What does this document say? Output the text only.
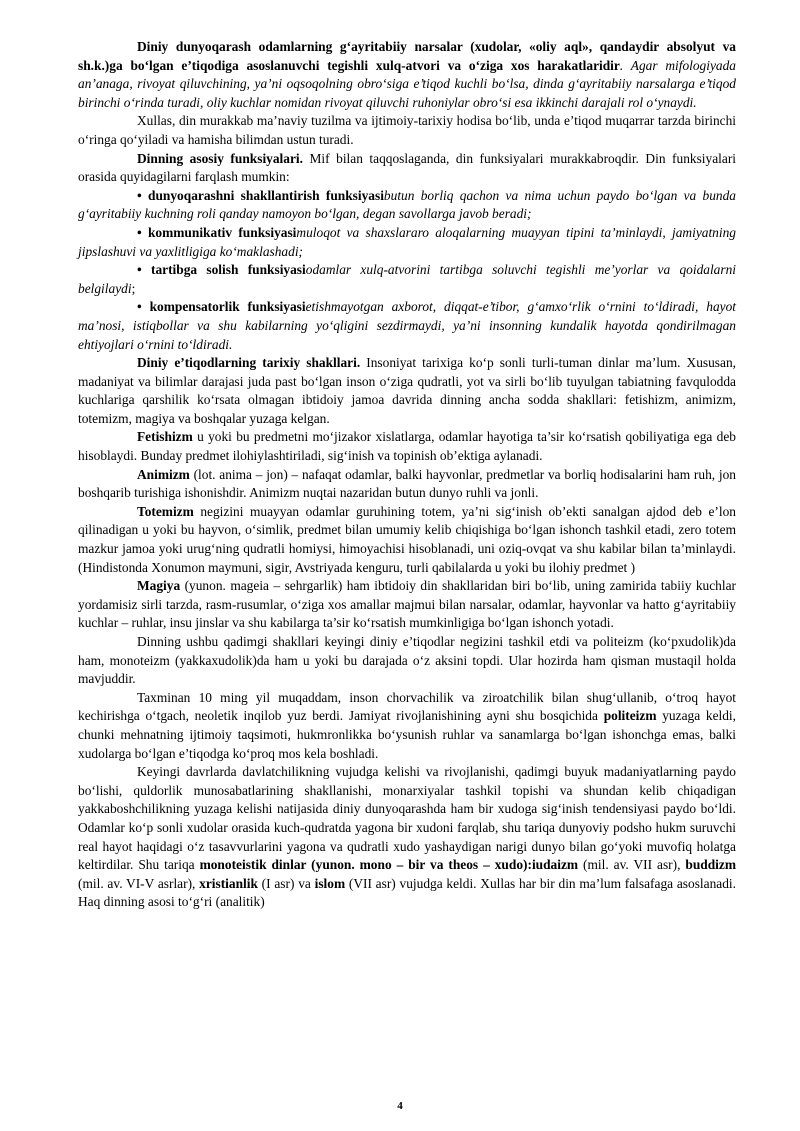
Diniy dunyoqarash odamlarning g‘ayritabiiy narsalar (xudolar, «oliy aql», qandaydir absolyut va sh.k.)ga bo‘lgan e’tiqodiga asoslanuvchi tegishli xulq-atvori va o‘ziga xos harakatlaridir. Agar mifologiyada an’anaga, rivoyat qiluvchining, ya’ni oqsoqolning obro‘siga e’tiqod kuchli bo‘lsa, dinda g‘ayritabiiy narsalarga e’tiqod birinchi o‘rinda turadi, oliy kuchlar nomidan rivoyat qiluvchi ruhoniylar obro‘si esa ikkinchi darajali rol o‘ynaydi.

Xullas, din murakkab ma’naviy tuzilma va ijtimoiy-tarixiy hodisa bo‘lib, unda e’tiqod muqarrar tarzda birinchi o‘ringa qo‘yiladi va hamisha bilimdan ustun turadi.

Dinning asosiy funksiyalari. Mif bilan taqqoslaganda, din funksiyalari murakkabroqdir. Din funksiyalari orasida quyidagilarni farqlash mumkin:

• dunyoqarashni shakllantirish funksiyasibutun borliq qachon va nima uchun paydo bo‘lgan va bunda g‘ayritabiiy kuchning roli qanday namoyon bo‘lgan, degan savollarga javob beradi;

• kommunikativ funksiyasimuloqot va shaxslararo aloqalarning muayyan tipini ta’minlaydi, jamiyatning jipslashuvi va yaxlitligiga ko‘maklashadi;

• tartibga solish funksiyasiodamlar xulq-atvorini tartibga soluvchi tegishli me’yorlar va qoidalarni belgilaydi;

• kompensatorlik funksiyasietishmayotgan axborot, diqqat-e’tibor, g‘amxo‘rlik o‘rnini to‘ldiradi, hayot ma’nosi, istiqbollar va shu kabilarning yo‘qligini sezdirmaydi, ya’ni insonning kundalik hayotda qondirilmagan ehtiyojlari o‘rnini to‘ldiradi.

Diniy e’tiqodlarning tarixiy shakllari. Insoniyat tarixiga ko‘p sonli turli-tuman dinlar ma’lum. Xususan, madaniyat va bilimlar darajasi juda past bo‘lgan inson o‘ziga qudratli, yot va sirli bo‘lib tuyulgan tabiatning favqulodda kuchlariga qarshilik ko‘rsata olmagan ibtidoiy jamoa davrida dinning ancha sodda shakllari: fetishizm, animizm, totemizm, magiya va boshqalar yuzaga kelgan.

Fetishizm u yoki bu predmetni mo‘jizakor xislatlarga, odamlar hayotiga ta’sir ko‘rsatish qobiliyatiga ega deb hisoblaydi. Bunday predmet ilohiylashtiriladi, sig‘inish va topinish ob’ektiga aylanadi.

Animizm (lot. anima – jon) – nafaqat odamlar, balki hayvonlar, predmetlar va borliq hodisalarini ham ruh, jon boshqarib turishiga ishonishdir. Animizm nuqtai nazaridan butun dunyo ruhli va jonli.

Totemizm negizini muayyan odamlar guruhining totem, ya’ni sig‘inish ob’ekti sanalgan ajdod deb e’lon qilinadigan u yoki bu hayvon, o‘simlik, predmet bilan umumiy kelib chiqishiga bo‘lgan ishonch tashkil etadi, zero totem mazkur jamoa yoki urug‘ning qudratli homiysi, himoyachisi hisoblanadi, uni oziq-ovqat va shu kabilar bilan ta’minlaydi. (Hindistonda Xonumon maymuni, sigir, Avstriyada kenguru, turli qabilalarda u yoki bu ilohiy predmet )

Magiya (yunon. mageia – sehrgarlik) ham ibtidoiy din shakllaridan biri bo‘lib, uning zamirida tabiiy kuchlar yordamisiz sirli tarzda, rasm-rusumlar, o‘ziga xos amallar majmui bilan narsalar, odamlar, hayvonlar va hatto g‘ayritabiiy kuchlar – ruhlar, insu jinslar va shu kabilarga ta’sir ko‘rsatish mumkinligiga bo‘lgan ishonch yotadi.

Dinning ushbu qadimgi shakllari keyingi diniy e’tiqodlar negizini tashkil etdi va politeizm (ko‘pxudolik)da ham, monoteizm (yakkaxudolik)da ham u yoki bu darajada o‘z aksini topdi. Ular hozirda ham qisman mustaqil holda mavjuddir.

Taxminan 10 ming yil muqaddam, inson chorvachilik va ziroatchilik bilan shug‘ullanib, o‘troq hayot kechirishga o‘tgach, neoletik inqilob yuz berdi. Jamiyat rivojlanishining ayni shu bosqichida politeizm yuzaga keldi, chunki mehnatning ijtimoiy taqsimoti, hukmronlikka bo‘ysunish ruhlar va sanamlarga bo‘lgan ishonchga emas, balki xudolarga bo‘lgan e’tiqodga ko‘proq mos kela boshladi.

Keyingi davrlarda davlatchilikning vujudga kelishi va rivojlanishi, qadimgi buyuk madaniyatlarning paydo bo‘lishi, quldorlik munosabatlarining shakllanishi, monarxiyalar tashkil topishi va shundan kelib chiqadigan yakkaboshchilikning yuzaga kelishi natijasida diniy dunyoqarashda ham bir xudoga sig‘inish tendensiyasi paydo bo‘ldi. Odamlar ko‘p sonli xudolar orasida kuch-qudratda yagona bir xudoni farqlab, shu tariqa dunyoviy podsho hukm suruvchi real hayot haqidagi o‘z tasavvurlarini yagona va qudratli xudo yashaydigan narigi dunyo bilan go‘yoki muvofiq holatga keltirdilar. Shu tariqa monoteistik dinlar (yunon. mono – bir va theos – xudo):iudaizm (mil. av. VII asr), buddizm (mil. av. VI-V asrlar), xristianlik (I asr) va islom (VII asr) vujudga keldi. Xullas har bir din ma’lum falsafaga asoslanadi. Haq dinning asosi to‘g‘ri (analitik)

4
